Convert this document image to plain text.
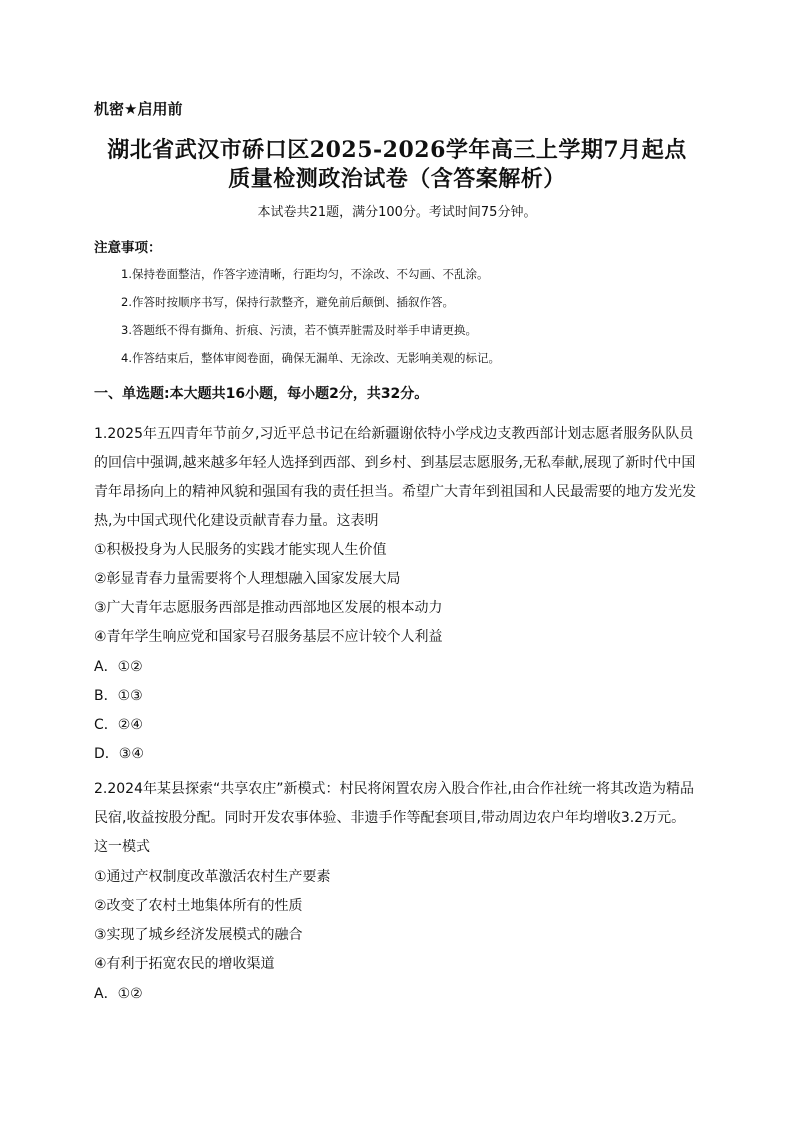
机密★启用前
湖北省武汉市硚口区2025-2026学年高三上学期7月起点
质量检测政治试卷（含答案解析）
本试卷共21题，满分100分。考试时间75分钟。
注意事项：
1.保持卷面整洁，作答字迹清晰，行距均匀，不涂改、不勾画、不乱涂。
2.作答时按顺序书写，保持行款整齐，避免前后颠倒、插叙作答。
3.答题纸不得有撕角、折痕、污渍，若不慎弄脏需及时举手申请更换。
4.作答结束后，整体审阅卷面，确保无漏单、无涂改、无影响美观的标记。
一、单选题:本大题共16小题，每小题2分，共32分。
1.2025年五四青年节前夕,习近平总书记在给新疆谢依特小学戍边支教西部计划志愿者服务队队员
的回信中强调,越来越多年轻人选择到西部、到乡村、到基层志愿服务,无私奉献,展现了新时代中国
青年昂扬向上的精神风貌和强国有我的责任担当。希望广大青年到祖国和人民最需要的地方发光发
热,为中国式现代化建设贡献青春力量。这表明
①积极投身为人民服务的实践才能实现人生价值
②彰显青春力量需要将个人理想融入国家发展大局
③广大青年志愿服务西部是推动西部地区发展的根本动力
④青年学生响应党和国家号召服务基层不应计较个人利益
A．①②
B．①③
C．②④
D．③④
2.2024年某县探索“共享农庄”新模式：村民将闲置农房入股合作社,由合作社统一将其改造为精品
民宿,收益按股分配。同时开发农事体验、非遗手作等配套项目,带动周边农户年均增收3.2万元。
这一模式
①通过产权制度改革激活农村生产要素
②改变了农村土地集体所有的性质
③实现了城乡经济发展模式的融合
④有利于拓宽农民的增收渠道
A．①②
